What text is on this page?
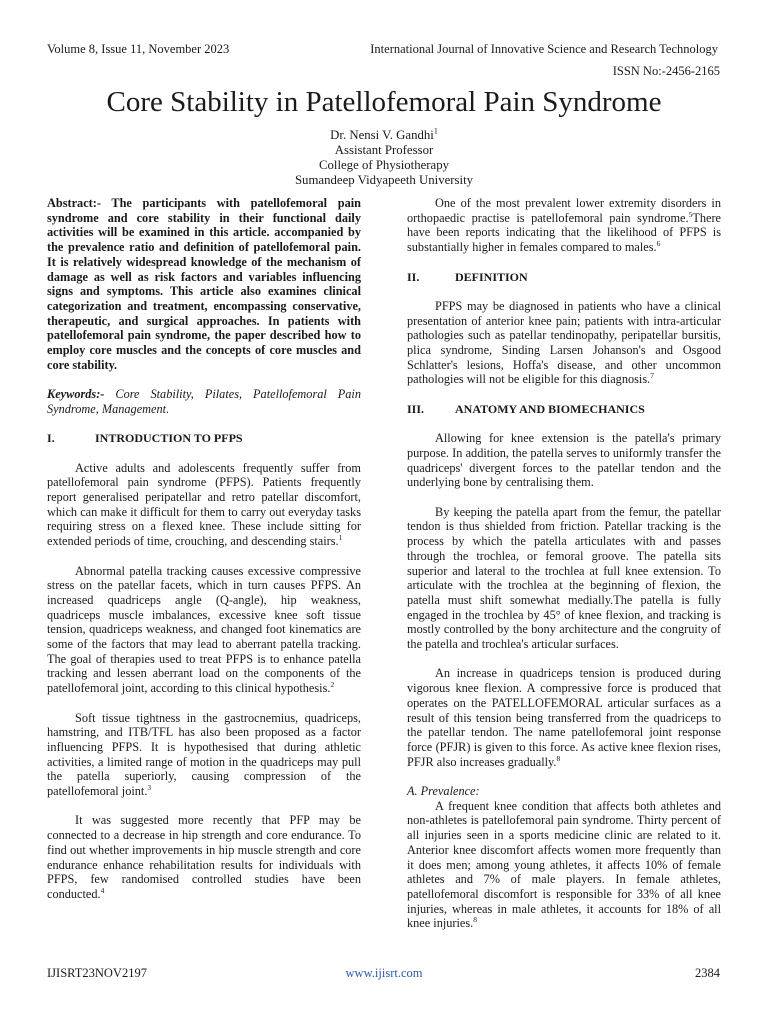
Volume 8, Issue 11, November 2023	International Journal of Innovative Science and Research Technology
ISSN No:-2456-2165
Core Stability in Patellofemoral Pain Syndrome
Dr. Nensi V. Gandhi$^1$
Assistant Professor
College of Physiotherapy
Sumandeep Vidyapeeth University

Abstract:- The participants with patellofemoral pain syndrome and core stability in their functional daily activities will be examined in this article. accompanied by the prevalence ratio and definition of patellofemoral pain. It is relatively widespread knowledge of the mechanism of damage as well as risk factors and variables influencing signs and symptoms. This article also examines clinical categorization and treatment, encompassing conservative, therapeutic, and surgical approaches. In patients with patellofemoral pain syndrome, the paper described how to employ core muscles and the concepts of core muscles and core stability.

Keywords:- Core Stability, Pilates, Patellofemoral Pain Syndrome, Management.

I.	INTRODUCTION TO PFPS

Active adults and adolescents frequently suffer from patellofemoral pain syndrome (PFPS). Patients frequently report generalised peripatellar and retro patellar discomfort, which can make it difficult for them to carry out everyday tasks requiring stress on a flexed knee. These include sitting for extended periods of time, crouching, and descending stairs.$^1$

Abnormal patella tracking causes excessive compressive stress on the patellar facets, which in turn causes PFPS. An increased quadriceps angle (Q-angle), hip weakness, quadriceps muscle imbalances, excessive knee soft tissue tension, quadriceps weakness, and changed foot kinematics are some of the factors that may lead to aberrant patella tracking. The goal of therapies used to treat PFPS is to enhance patella tracking and lessen aberrant load on the components of the patellofemoral joint, according to this clinical hypothesis.$^2$

Soft tissue tightness in the gastrocnemius, quadriceps, hamstring, and ITB/TFL has also been proposed as a factor influencing PFPS. It is hypothesised that during athletic activities, a limited range of motion in the quadriceps may pull the patella superiorly, causing compression of the patellofemoral joint.$^3$

It was suggested more recently that PFP may be connected to a decrease in hip strength and core endurance. To find out whether improvements in hip muscle strength and core endurance enhance rehabilitation results for individuals with PFPS, few randomised controlled studies have been conducted.$^4$

One of the most prevalent lower extremity disorders in orthopaedic practise is patellofemoral pain syndrome.$^5$There have been reports indicating that the likelihood of PFPS is substantially higher in females compared to males.$^6$

II.	DEFINITION

PFPS may be diagnosed in patients who have a clinical presentation of anterior knee pain; patients with intra-articular pathologies such as patellar tendinopathy, peripatellar bursitis, plica syndrome, Sinding Larsen Johanson's and Osgood Schlatter's lesions, Hoffa's disease, and other uncommon pathologies will not be eligible for this diagnosis.$^7$

III.	ANATOMY AND BIOMECHANICS

Allowing for knee extension is the patella's primary purpose. In addition, the patella serves to uniformly transfer the quadriceps' divergent forces to the patellar tendon and the underlying bone by centralising them.

By keeping the patella apart from the femur, the patellar tendon is thus shielded from friction. Patellar tracking is the process by which the patella articulates with and passes through the trochlea, or femoral groove. The patella sits superior and lateral to the trochlea at full knee extension. To articulate with the trochlea at the beginning of flexion, the patella must shift somewhat medially.The patella is fully engaged in the trochlea by 45° of knee flexion, and tracking is mostly controlled by the bony architecture and the congruity of the patella and trochlea's articular surfaces.

An increase in quadriceps tension is produced during vigorous knee flexion. A compressive force is produced that operates on the PATELLOFEMORAL articular surfaces as a result of this tension being transferred from the quadriceps to the patellar tendon. The name patellofemoral joint response force (PFJR) is given to this force. As active knee flexion rises, PFJR also increases gradually.$^8$

A. Prevalence:

A frequent knee condition that affects both athletes and non-athletes is patellofemoral pain syndrome. Thirty percent of all injuries seen in a sports medicine clinic are related to it. Anterior knee discomfort affects women more frequently than it does men; among young athletes, it affects 10% of female athletes and 7% of male players. In female athletes, patellofemoral discomfort is responsible for 33% of all knee injuries, whereas in male athletes, it accounts for 18% of all knee injuries.$^8$

IJISRT23NOV2197	www.ijisrt.com	2384
